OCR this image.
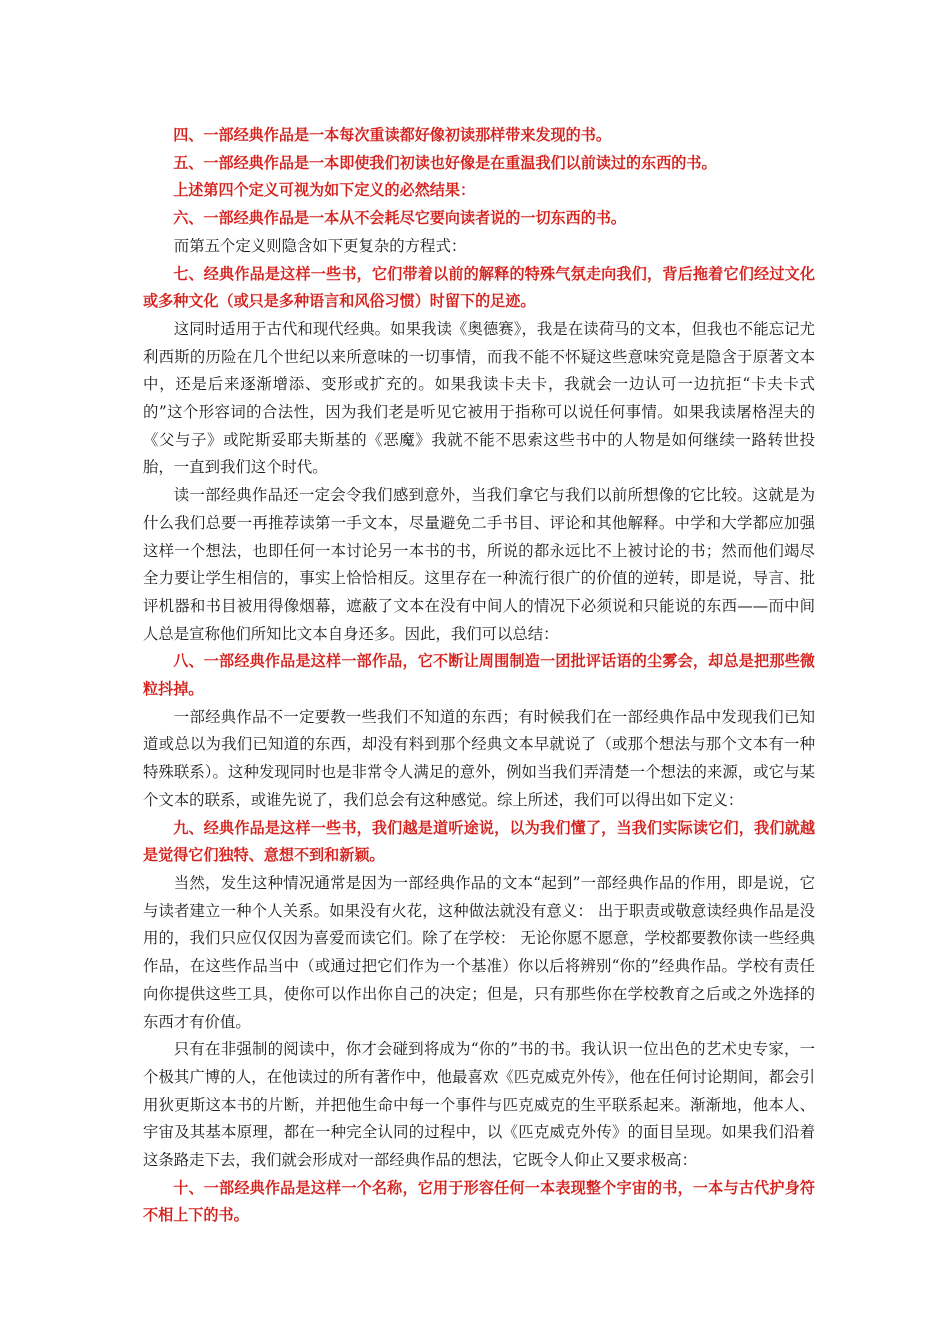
四、一部经典作品是一本每次重读都好像初读那样带来发现的书。

五、一部经典作品是一本即使我们初读也好像是在重温我们以前读过的东西的书。

上述第四个定义可视为如下定义的必然结果：

六、一部经典作品是一本从不会耗尽它要向读者说的一切东西的书。

而第五个定义则隐含如下更复杂的方程式：

七、经典作品是这样一些书，它们带着以前的解释的特殊气氛走向我们，背后拖着它们经过文化或多种文化（或只是多种语言和风俗习惯）时留下的足迹。

这同时适用于古代和现代经典。如果我读《奥德赛》，我是在读荷马的文本，但我也不能忘记尤利西斯的历险在几个世纪以来所意味的一切事情，而我不能不怀疑这些意味究竟是隐含于原著文本中，还是后来逐渐增添、变形或扩充的。如果我读卡夫卡，我就会一边认可一边抗拒“卡夫卡式的”这个形容词的合法性，因为我们老是听见它被用于指称可以说任何事情。如果我读屠格涅夫的《父与子》或陀斯妥耶夫斯基的《恶魔》我就不能不思索这些书中的人物是如何继续一路转世投胎，一直到我们这个时代。

读一部经典作品还一定会令我们感到意外，当我们拿它与我们以前所想像的它比较。这就是为什么我们总要一再推荐读第一手文本，尽量避免二手书目、评论和其他解释。中学和大学都应加强这样一个想法，也即任何一本讨论另一本书的书，所说的都永远比不上被讨论的书；然而他们竭尽全力要让学生相信的，事实上恰恰相反。这里存在一种流行很广的价值的逆转，即是说，导言、批评机器和书目被用得像烟幕，遮蔽了文本在没有中间人的情况下必须说和只能说的东西——而中间人总是宣称他们所知比文本自身还多。因此，我们可以总结：

八、一部经典作品是这样一部作品，它不断让周围制造一团批评话语的尘雾会，却总是把那些微粒抖掉。

一部经典作品不一定要教一些我们不知道的东西；有时候我们在一部经典作品中发现我们已知道或总以为我们已知道的东西，却没有料到那个经典文本早就说了（或那个想法与那个文本有一种特殊联系）。这种发现同时也是非常令人满足的意外，例如当我们弄清楚一个想法的来源，或它与某个文本的联系，或谁先说了，我们总会有这种感觉。综上所述，我们可以得出如下定义：

九、经典作品是这样一些书，我们越是道听途说，以为我们懂了，当我们实际读它们，我们就越是觉得它们独特、意想不到和新颖。

当然，发生这种情况通常是因为一部经典作品的文本“起到”一部经典作品的作用，即是说，它与读者建立一种个人关系。如果没有火花，这种做法就没有意义： 出于职责或敬意读经典作品是没用的，我们只应仅仅因为喜爱而读它们。除了在学校： 无论你愿不愿意，学校都要教你读一些经典作品，在这些作品当中（或通过把它们作为一个基准）你以后将辨别“你的”经典作品。学校有责任向你提供这些工具，使你可以作出你自己的决定；但是，只有那些你在学校教育之后或之外选择的东西才有价值。

只有在非强制的阅读中，你才会碰到将成为“你的”书的书。我认识一位出色的艺术史专家，一个极其广博的人，在他读过的所有著作中，他最喜欢《匹克威克外传》，他在任何讨论期间，都会引用狄更斯这本书的片断，并把他生命中每一个事件与匹克威克的生平联系起来。渐渐地，他本人、宇宙及其基本原理，都在一种完全认同的过程中，以《匹克威克外传》的面目呈现。如果我们沿着这条路走下去，我们就会形成对一部经典作品的想法，它既令人仰止又要求极高：

十、一部经典作品是这样一个名称，它用于形容任何一本表现整个宇宙的书，一本与古代护身符不相上下的书。
